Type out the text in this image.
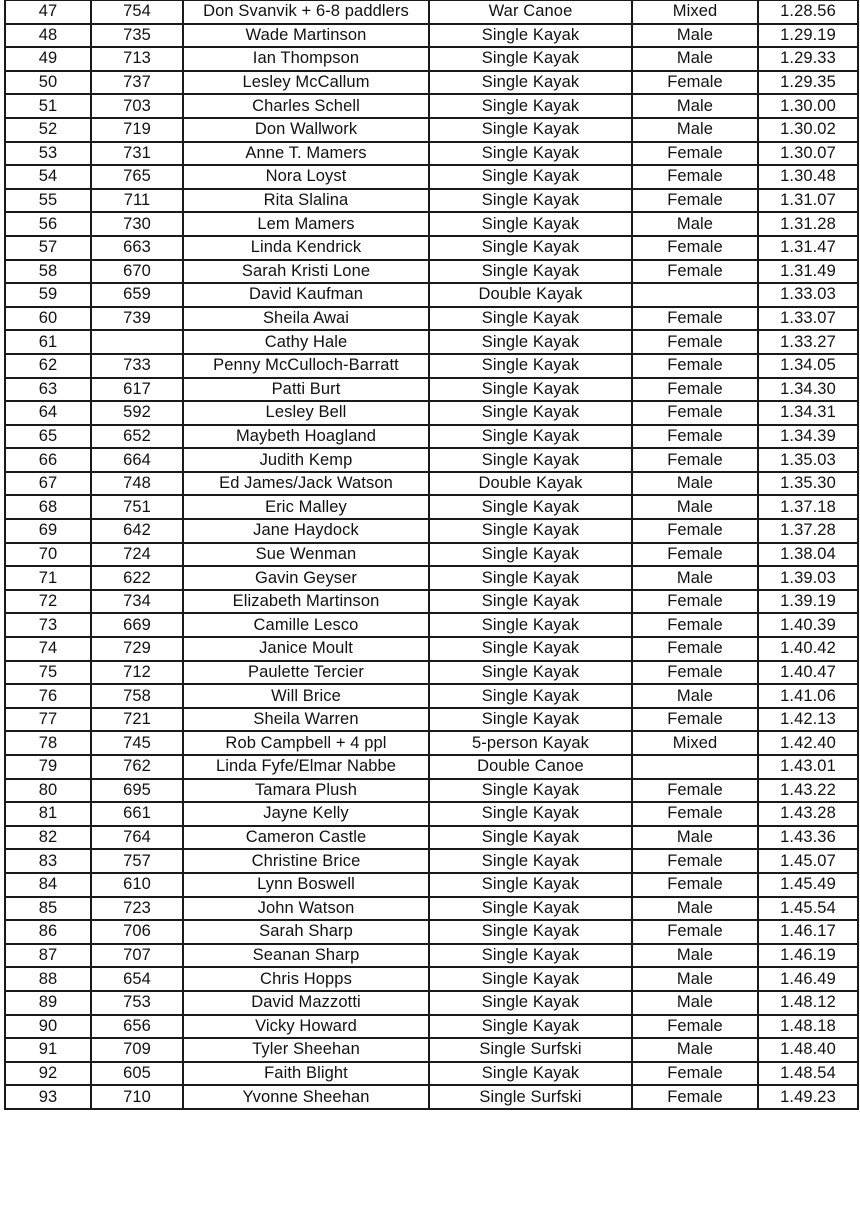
47	754	Don Svanvik + 6-8 paddlers	War Canoe	Mixed	1.28.56
48	735	Wade Martinson	Single Kayak	Male	1.29.19
49	713	Ian Thompson	Single Kayak	Male	1.29.33
50	737	Lesley McCallum	Single Kayak	Female	1.29.35
51	703	Charles Schell	Single Kayak	Male	1.30.00
52	719	Don Wallwork	Single Kayak	Male	1.30.02
53	731	Anne T. Mamers	Single Kayak	Female	1.30.07
54	765	Nora Loyst	Single Kayak	Female	1.30.48
55	711	Rita Slalina	Single Kayak	Female	1.31.07
56	730	Lem Mamers	Single Kayak	Male	1.31.28
57	663	Linda Kendrick	Single Kayak	Female	1.31.47
58	670	Sarah Kristi Lone	Single Kayak	Female	1.31.49
59	659	David Kaufman	Double Kayak		1.33.03
60	739	Sheila Awai	Single Kayak	Female	1.33.07
61		Cathy Hale	Single Kayak	Female	1.33.27
62	733	Penny McCulloch-Barratt	Single Kayak	Female	1.34.05
63	617	Patti Burt	Single Kayak	Female	1.34.30
64	592	Lesley Bell	Single Kayak	Female	1.34.31
65	652	Maybeth Hoagland	Single Kayak	Female	1.34.39
66	664	Judith Kemp	Single Kayak	Female	1.35.03
67	748	Ed James/Jack Watson	Double Kayak	Male	1.35.30
68	751	Eric Malley	Single Kayak	Male	1.37.18
69	642	Jane Haydock	Single Kayak	Female	1.37.28
70	724	Sue Wenman	Single Kayak	Female	1.38.04
71	622	Gavin Geyser	Single Kayak	Male	1.39.03
72	734	Elizabeth Martinson	Single Kayak	Female	1.39.19
73	669	Camille Lesco	Single Kayak	Female	1.40.39
74	729	Janice Moult	Single Kayak	Female	1.40.42
75	712	Paulette Tercier	Single Kayak	Female	1.40.47
76	758	Will Brice	Single Kayak	Male	1.41.06
77	721	Sheila Warren	Single Kayak	Female	1.42.13
78	745	Rob Campbell + 4 ppl	5-person Kayak	Mixed	1.42.40
79	762	Linda Fyfe/Elmar Nabbe	Double Canoe		1.43.01
80	695	Tamara Plush	Single Kayak	Female	1.43.22
81	661	Jayne Kelly	Single Kayak	Female	1.43.28
82	764	Cameron Castle	Single Kayak	Male	1.43.36
83	757	Christine Brice	Single Kayak	Female	1.45.07
84	610	Lynn Boswell	Single Kayak	Female	1.45.49
85	723	John Watson	Single Kayak	Male	1.45.54
86	706	Sarah Sharp	Single Kayak	Female	1.46.17
87	707	Seanan Sharp	Single Kayak	Male	1.46.19
88	654	Chris Hopps	Single Kayak	Male	1.46.49
89	753	David Mazzotti	Single Kayak	Male	1.48.12
90	656	Vicky Howard	Single Kayak	Female	1.48.18
91	709	Tyler Sheehan	Single Surfski	Male	1.48.40
92	605	Faith Blight	Single Kayak	Female	1.48.54
93	710	Yvonne Sheehan	Single Surfski	Female	1.49.23
